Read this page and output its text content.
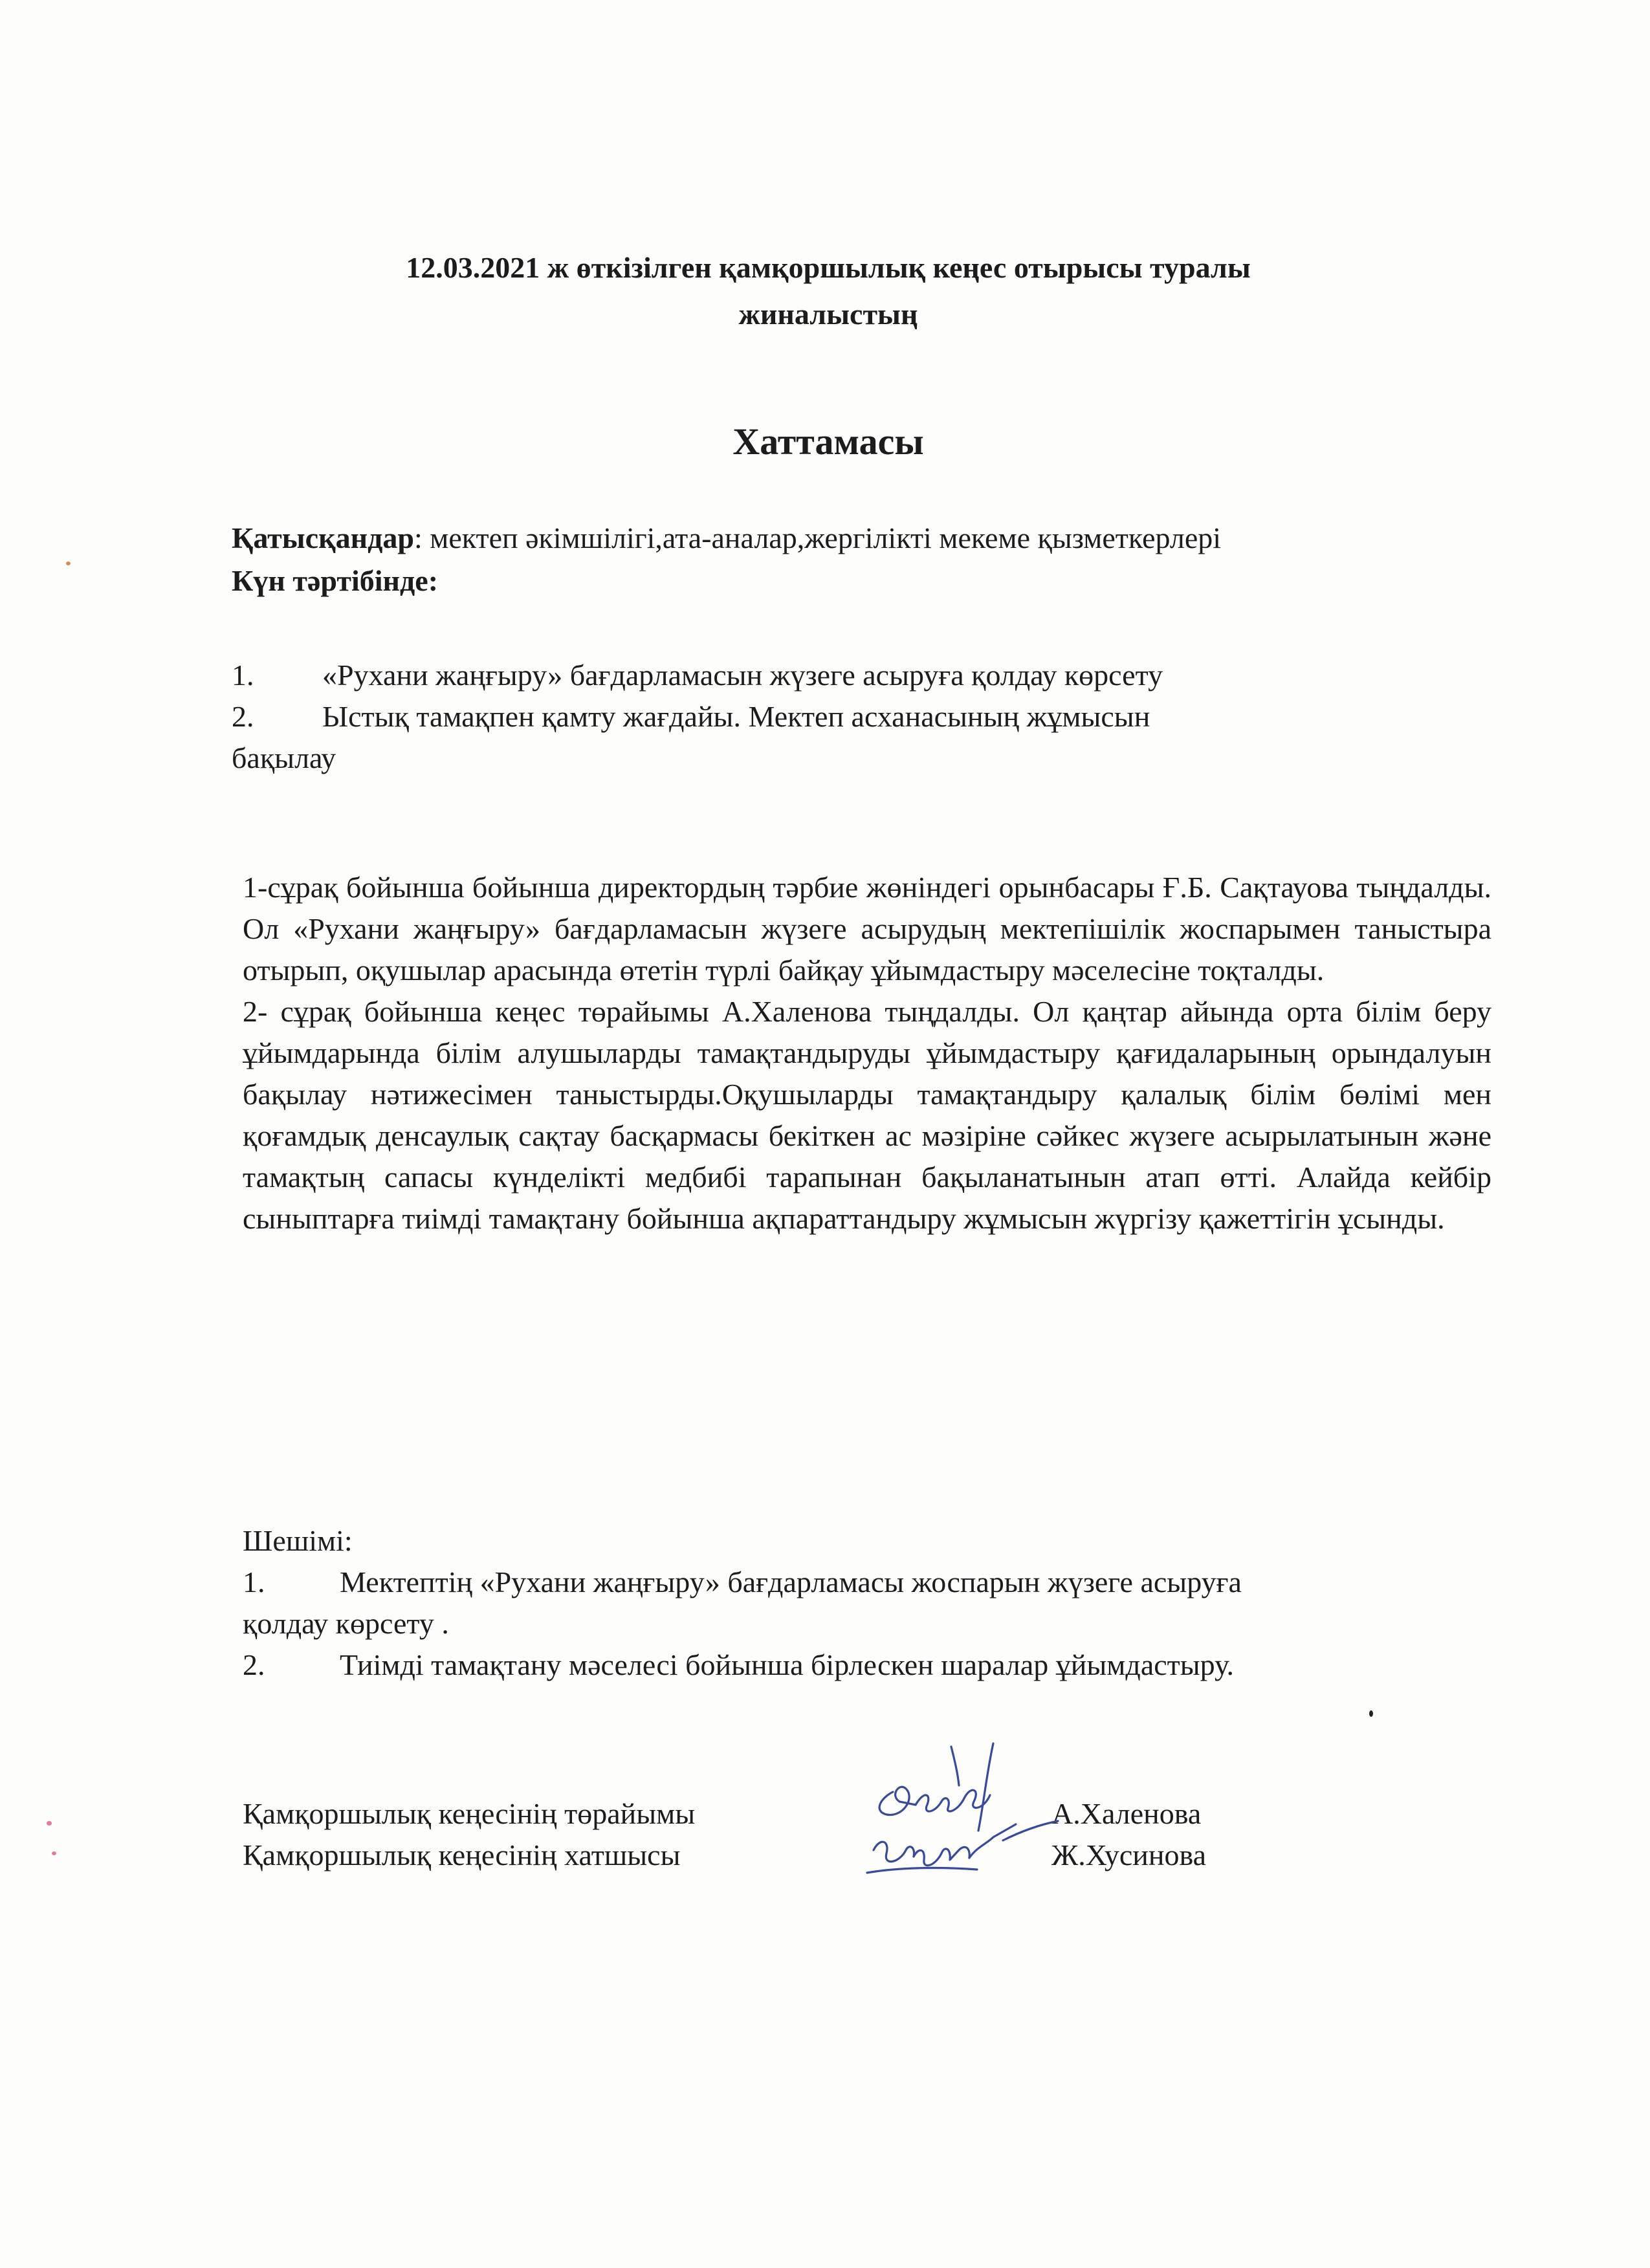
12.03.2021 ж өткізілген қамқоршылық кеңес отырысы туралы
жиналыстың
Хаттамасы
Қатысқандар: мектеп әкімшілігі,ата-аналар,жергілікті мекеме қызметкерлері
Күн тәртібінде:
1. «Рухани жаңғыру» бағдарламасын жүзеге асыруға қолдау көрсету
2. Ыстық тамақпен қамту жағдайы. Мектеп асханасының жұмысын
бақылау

1-сұрақ бойынша бойынша директордың тәрбие жөніндегі орынбасары Ғ.Б. Сақтауова тыңдалды. Ол «Рухани жаңғыру» бағдарламасын жүзеге асырудың мектепішілік жоспарымен таныстыра отырып, оқушылар арасында өтетін түрлі байқау ұйымдастыру мәселесіне тоқталды.

2- сұрақ бойынша кеңес төрайымы А.Халенова тыңдалды. Ол қаңтар айында орта білім беру ұйымдарында білім алушыларды тамақтандыруды ұйымдастыру қағидаларының орындалуын бақылау нәтижесімен таныстырды.Оқушыларды тамақтандыру қалалық білім бөлімі мен қоғамдық денсаулық сақтау басқармасы бекіткен ас мәзіріне сәйкес жүзеге асырылатынын және тамақтың сапасы күнделікті медбибі тарапынан бақыланатынын атап өтті. Алайда кейбір сыныптарға тиімді тамақтану бойынша ақпараттандыру жұмысын жүргізу қажеттігін ұсынды.

Шешімі:
1.	Мектептің «Рухани жаңғыру» бағдарламасы жоспарын жүзеге асыруға
қолдау көрсету .
2.	Тиімді тамақтану мәселесі бойынша бірлескен шаралар ұйымдастыру.
Қамқоршылық кеңесінің төрайымы	А.Халенова
Қамқоршылық кеңесінің хатшысы	Ж.Хусинова
